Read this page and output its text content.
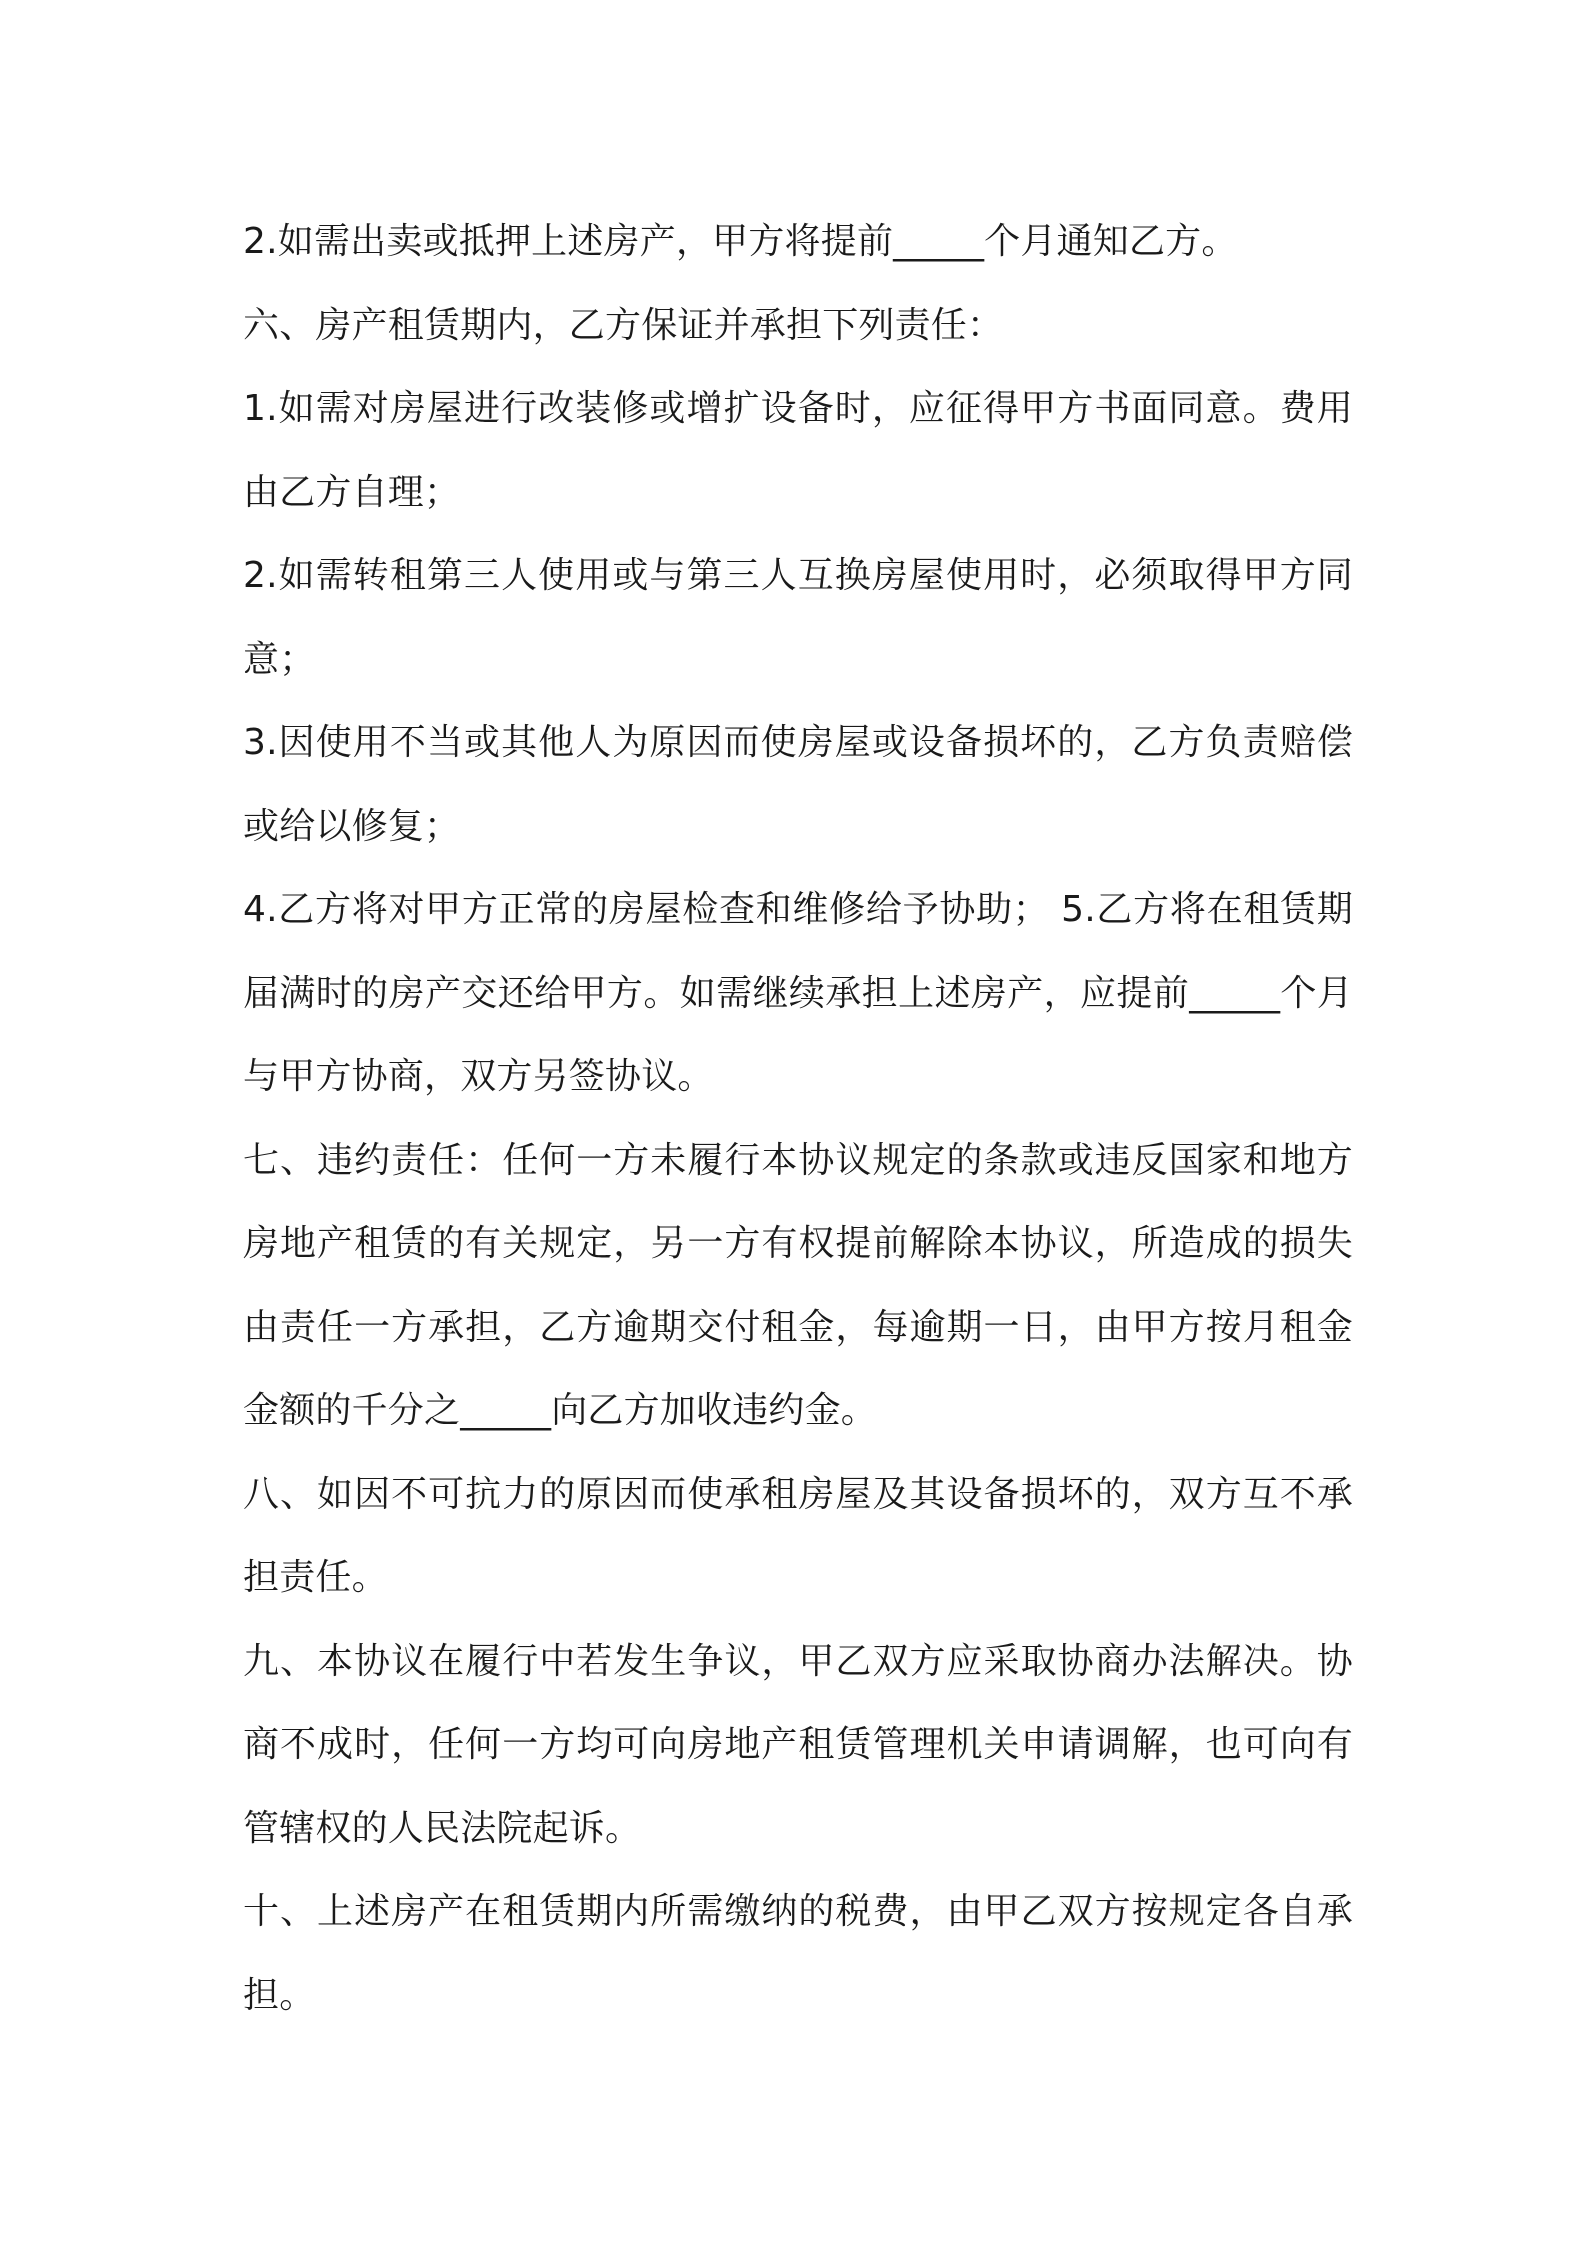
2.如需出卖或抵押上述房产，甲方将提前_____个月通知乙方。

六、房产租赁期内，乙方保证并承担下列责任：

1.如需对房屋进行改装修或增扩设备时，应征得甲方书面同意。费用由乙方自理；

2.如需转租第三人使用或与第三人互换房屋使用时，必须取得甲方同意；

3.因使用不当或其他人为原因而使房屋或设备损坏的，乙方负责赔偿或给以修复；

4.乙方将对甲方正常的房屋检查和维修给予协助； 5.乙方将在租赁期届满时的房产交还给甲方。如需继续承担上述房产，应提前_____个月与甲方协商，双方另签协议。

七、违约责任：任何一方未履行本协议规定的条款或违反国家和地方房地产租赁的有关规定，另一方有权提前解除本协议，所造成的损失由责任一方承担，乙方逾期交付租金，每逾期一日，由甲方按月租金金额的千分之_____向乙方加收违约金。

八、如因不可抗力的原因而使承租房屋及其设备损坏的，双方互不承担责任。

九、本协议在履行中若发生争议，甲乙双方应采取协商办法解决。协商不成时，任何一方均可向房地产租赁管理机关申请调解，也可向有管辖权的人民法院起诉。

十、上述房产在租赁期内所需缴纳的税费，由甲乙双方按规定各自承担。
